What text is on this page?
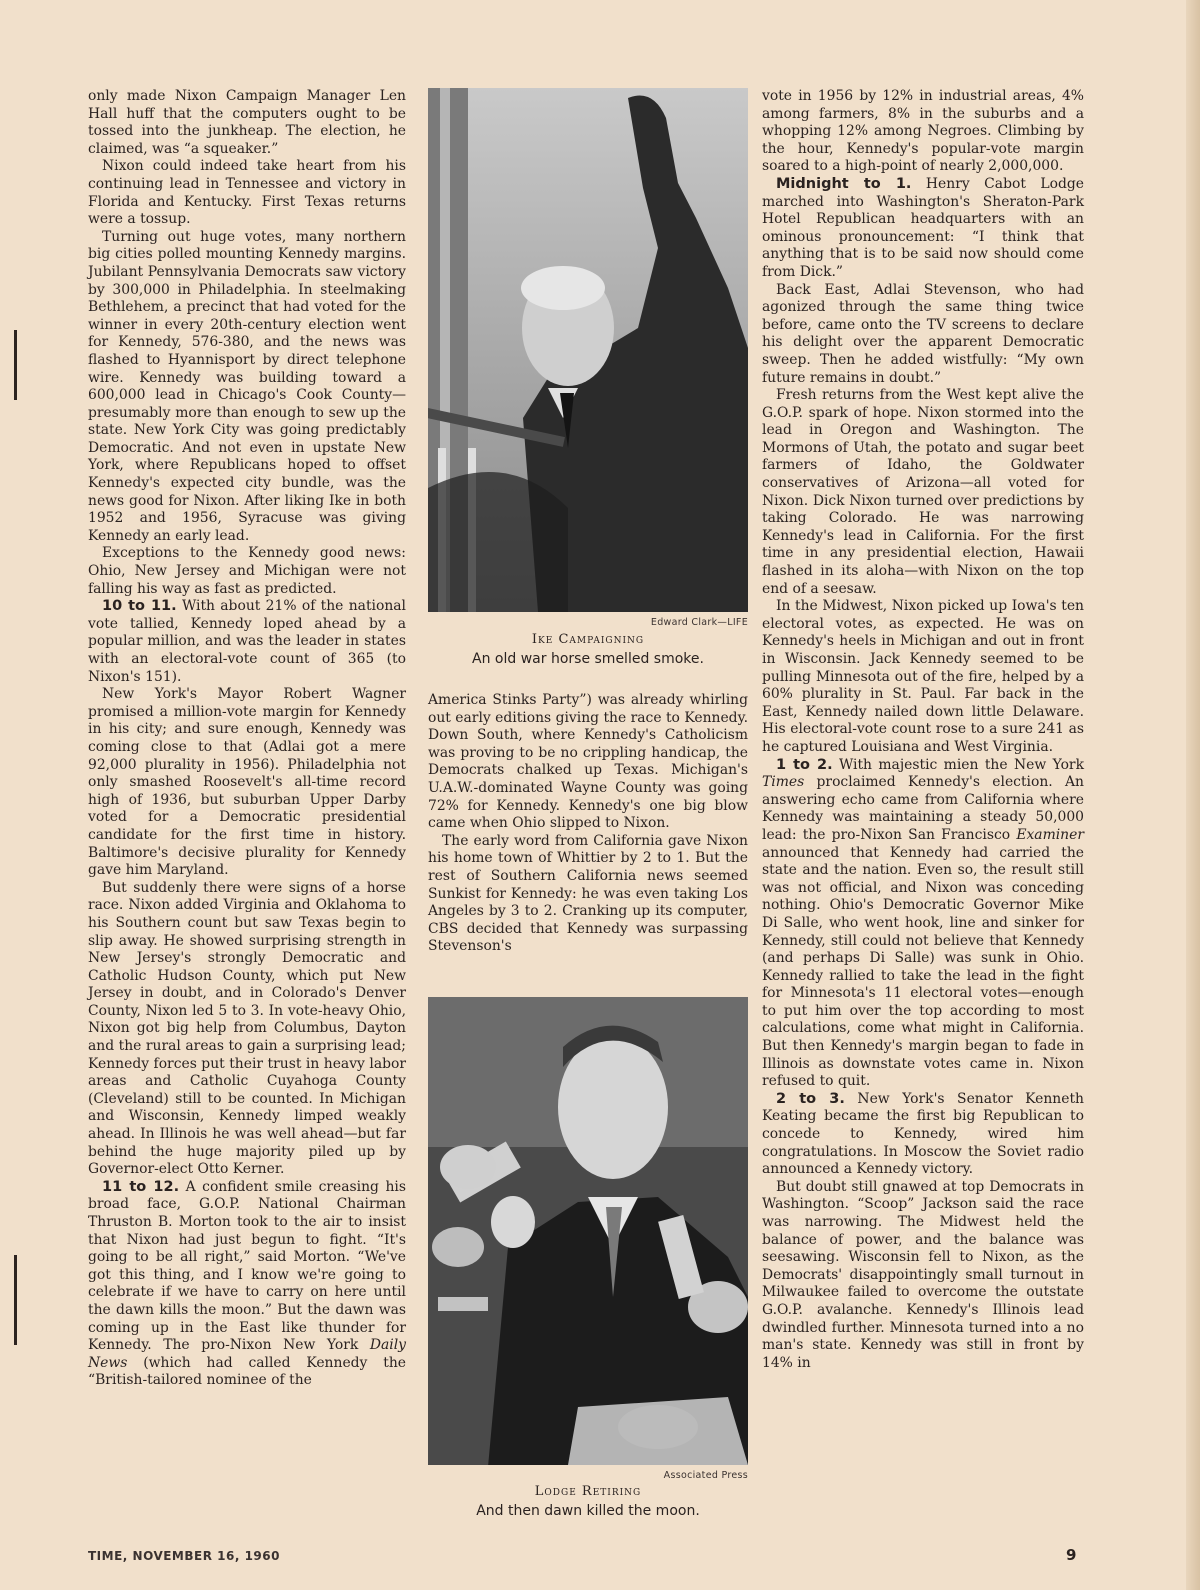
only made Nixon Campaign Manager Len Hall huff that the computers ought to be tossed into the junkheap. The election, he claimed, was “a squeaker.”

Nixon could indeed take heart from his continuing lead in Tennessee and victory in Florida and Kentucky. First Texas returns were a tossup.

Turning out huge votes, many northern big cities polled mounting Kennedy margins. Jubilant Pennsylvania Democrats saw victory by 300,000 in Philadelphia. In steelmaking Bethlehem, a precinct that had voted for the winner in every 20th-century election went for Kennedy, 576-380, and the news was flashed to Hyannisport by direct telephone wire. Kennedy was building toward a 600,000 lead in Chicago's Cook County—presumably more than enough to sew up the state. New York City was going predictably Democratic. And not even in upstate New York, where Republicans hoped to offset Kennedy's expected city bundle, was the news good for Nixon. After liking Ike in both 1952 and 1956, Syracuse was giving Kennedy an early lead.

Exceptions to the Kennedy good news: Ohio, New Jersey and Michigan were not falling his way as fast as predicted.

10 to 11. With about 21% of the national vote tallied, Kennedy loped ahead by a popular million, and was the leader in states with an electoral-vote count of 365 (to Nixon's 151).

New York's Mayor Robert Wagner promised a million-vote margin for Kennedy in his city; and sure enough, Kennedy was coming close to that (Adlai got a mere 92,000 plurality in 1956). Philadelphia not only smashed Roosevelt's all-time record high of 1936, but suburban Upper Darby voted for a Democratic presidential candidate for the first time in history. Baltimore's decisive plurality for Kennedy gave him Maryland.

But suddenly there were signs of a horse race. Nixon added Virginia and Oklahoma to his Southern count but saw Texas begin to slip away. He showed surprising strength in New Jersey's strongly Democratic and Catholic Hudson County, which put New Jersey in doubt, and in Colorado's Denver County, Nixon led 5 to 3. In vote-heavy Ohio, Nixon got big help from Columbus, Dayton and the rural areas to gain a surprising lead; Kennedy forces put their trust in heavy labor areas and Catholic Cuyahoga County (Cleveland) still to be counted. In Michigan and Wisconsin, Kennedy limped weakly ahead. In Illinois he was well ahead—but far behind the huge majority piled up by Governor-elect Otto Kerner.

11 to 12. A confident smile creasing his broad face, G.O.P. National Chairman Thruston B. Morton took to the air to insist that Nixon had just begun to fight. “It's going to be all right,” said Morton. “We've got this thing, and I know we're going to celebrate if we have to carry on here until the dawn kills the moon.” But the dawn was coming up in the East like thunder for Kennedy. The pro-Nixon New York Daily News (which had called Kennedy the “British-tailored nominee of the

Edward Clark—LIFE
Ike Campaigning
An old war horse smelled smoke.

America Stinks Party”) was already whirling out early editions giving the race to Kennedy. Down South, where Kennedy's Catholicism was proving to be no crippling handicap, the Democrats chalked up Texas. Michigan's U.A.W.-dominated Wayne County was going 72% for Kennedy. Kennedy's one big blow came when Ohio slipped to Nixon.

The early word from California gave Nixon his home town of Whittier by 2 to 1. But the rest of Southern California news seemed Sunkist for Kennedy: he was even taking Los Angeles by 3 to 2. Cranking up its computer, CBS decided that Kennedy was surpassing Stevenson's

Associated Press
Lodge Retiring
And then dawn killed the moon.

vote in 1956 by 12% in industrial areas, 4% among farmers, 8% in the suburbs and a whopping 12% among Negroes. Climbing by the hour, Kennedy's popular-vote margin soared to a high-point of nearly 2,000,000.

Midnight to 1. Henry Cabot Lodge marched into Washington's Sheraton-Park Hotel Republican headquarters with an ominous pronouncement: “I think that anything that is to be said now should come from Dick.”

Back East, Adlai Stevenson, who had agonized through the same thing twice before, came onto the TV screens to declare his delight over the apparent Democratic sweep. Then he added wistfully: “My own future remains in doubt.”

Fresh returns from the West kept alive the G.O.P. spark of hope. Nixon stormed into the lead in Oregon and Washington. The Mormons of Utah, the potato and sugar beet farmers of Idaho, the Goldwater conservatives of Arizona—all voted for Nixon. Dick Nixon turned over predictions by taking Colorado. He was narrowing Kennedy's lead in California. For the first time in any presidential election, Hawaii flashed in its aloha—with Nixon on the top end of a seesaw.

In the Midwest, Nixon picked up Iowa's ten electoral votes, as expected. He was on Kennedy's heels in Michigan and out in front in Wisconsin. Jack Kennedy seemed to be pulling Minnesota out of the fire, helped by a 60% plurality in St. Paul. Far back in the East, Kennedy nailed down little Delaware. His electoral-vote count rose to a sure 241 as he captured Louisiana and West Virginia.

1 to 2. With majestic mien the New York Times proclaimed Kennedy's election. An answering echo came from California where Kennedy was maintaining a steady 50,000 lead: the pro-Nixon San Francisco Examiner announced that Kennedy had carried the state and the nation. Even so, the result still was not official, and Nixon was conceding nothing. Ohio's Democratic Governor Mike Di Salle, who went hook, line and sinker for Kennedy, still could not believe that Kennedy (and perhaps Di Salle) was sunk in Ohio. Kennedy rallied to take the lead in the fight for Minnesota's 11 electoral votes—enough to put him over the top according to most calculations, come what might in California. But then Kennedy's margin began to fade in Illinois as downstate votes came in. Nixon refused to quit.

2 to 3. New York's Senator Kenneth Keating became the first big Republican to concede to Kennedy, wired him congratulations. In Moscow the Soviet radio announced a Kennedy victory.

But doubt still gnawed at top Democrats in Washington. “Scoop” Jackson said the race was narrowing. The Midwest held the balance of power, and the balance was seesawing. Wisconsin fell to Nixon, as the Democrats' disappointingly small turnout in Milwaukee failed to overcome the outstate G.O.P. avalanche. Kennedy's Illinois lead dwindled further. Minnesota turned into a no man's state. Kennedy was still in front by 14% in

TIME, NOVEMBER 16, 1960	9
